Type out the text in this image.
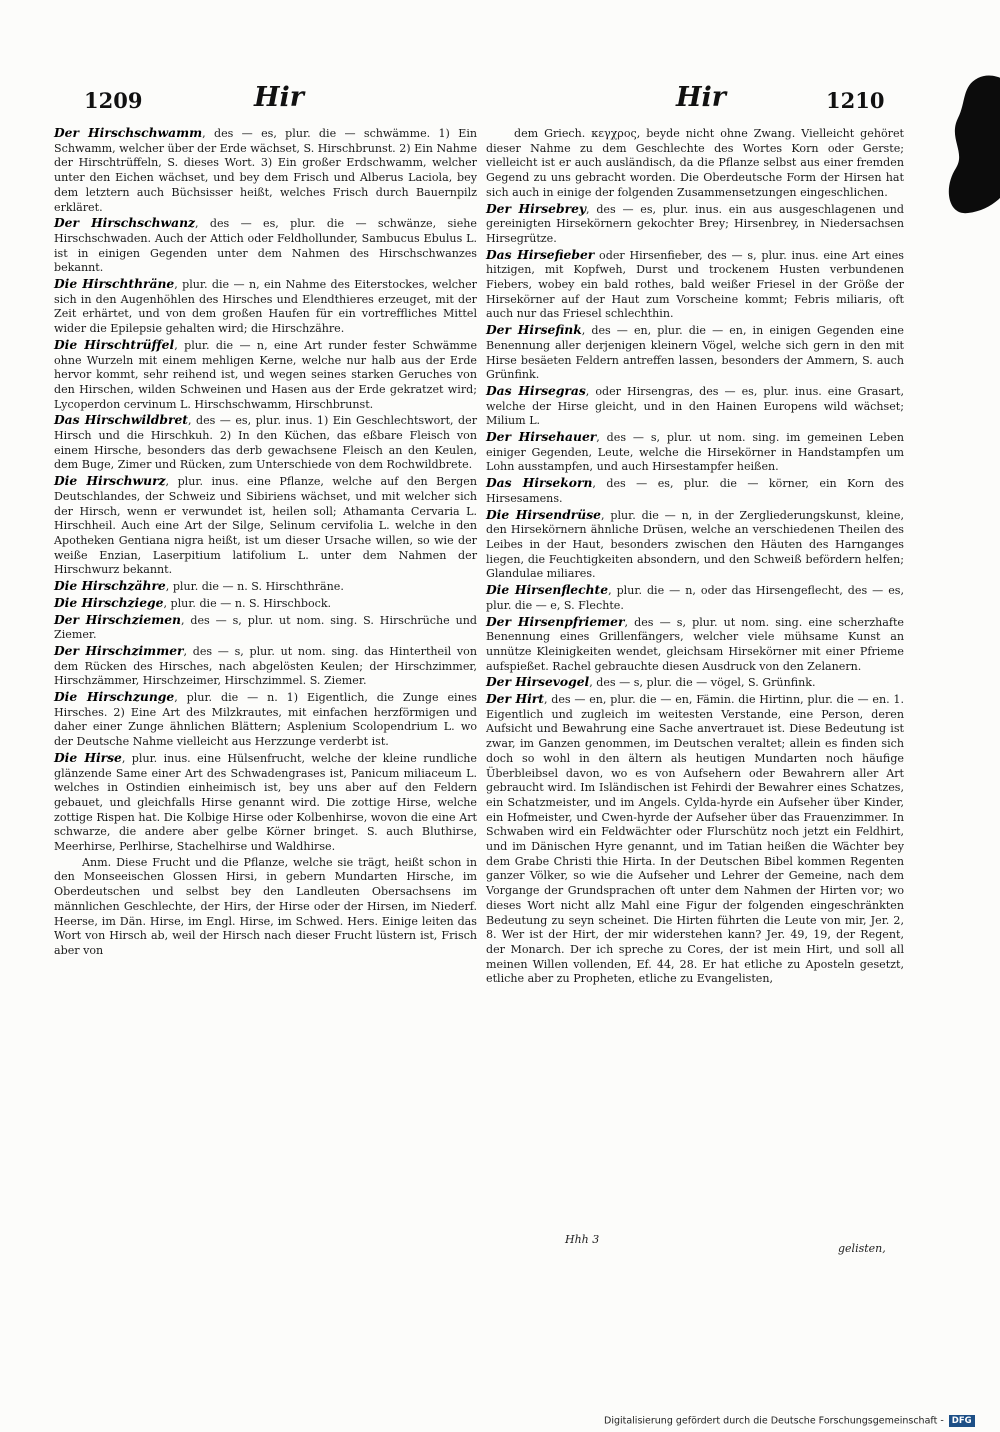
1209	Hir	Hir	1210

Der Hirschschwamm, des — es, plur. die — schwämme. 1) Ein Schwamm, welcher über der Erde wächset, S. Hirschbrunst. 2) Ein Nahme der Hirschtrüffeln, S. dieses Wort. 3) Ein großer Erdschwamm, welcher unter den Eichen wächset, und bey dem Frisch und Alberus Laciola, bey dem letztern auch Büchsisser heißt, welches Frisch durch Bauernpilz erkläret.

Der Hirschschwanz, des — es, plur. die — schwänze, siehe Hirschschwaden. Auch der Attich oder Feldhollunder, Sambucus Ebulus L. ist in einigen Gegenden unter dem Nahmen des Hirschschwanzes bekannt.

Die Hirschthräne, plur. die — n, ein Nahme des Eiterstockes, welcher sich in den Augenhöhlen des Hirsches und Elendthieres erzeuget, mit der Zeit erhärtet, und von dem großen Haufen für ein vortreffliches Mittel wider die Epilepsie gehalten wird; die Hirschzähre.

Die Hirschtrüffel, plur. die — n, eine Art runder fester Schwämme ohne Wurzeln mit einem mehligen Kerne, welche nur halb aus der Erde hervor kommt, sehr reihend ist, und wegen seines starken Geruches von den Hirschen, wilden Schweinen und Hasen aus der Erde gekratzet wird; Lycoperdon cervinum L. Hirschschwamm, Hirschbrunst.

Das Hirschwildbret, des — es, plur. inus. 1) Ein Geschlechtswort, der Hirsch und die Hirschkuh. 2) In den Küchen, das eßbare Fleisch von einem Hirsche, besonders das derb gewachsene Fleisch an den Keulen, dem Buge, Zimer und Rücken, zum Unterschiede von dem Rochwildbrete.

Die Hirschwurz, plur. inus. eine Pflanze, welche auf den Bergen Deutschlandes, der Schweiz und Sibiriens wächset, und mit welcher sich der Hirsch, wenn er verwundet ist, heilen soll; Athamanta Cervaria L. Hirschheil. Auch eine Art der Silge, Selinum cervifolia L. welche in den Apotheken Gentiana nigra heißt, ist um dieser Ursache willen, so wie der weiße Enzian, Laserpitium latifolium L. unter dem Nahmen der Hirschwurz bekannt.

Die Hirschzähre, plur. die — n. S. Hirschthräne.

Die Hirschziege, plur. die — n. S. Hirschbock.

Der Hirschziemen, des — s, plur. ut nom. sing. S. Hirschrüche und Ziemer.

Der Hirschzimmer, des — s, plur. ut nom. sing. das Hintertheil von dem Rücken des Hirsches, nach abgelösten Keulen; der Hirschzimmer, Hirschzämmer, Hirschzeimer, Hirschzimmel. S. Ziemer.

Die Hirschzunge, plur. die — n. 1) Eigentlich, die Zunge eines Hirsches. 2) Eine Art des Milzkrautes, mit einfachen herzförmigen und daher einer Zunge ähnlichen Blättern; Asplenium Scolopendrium L. wo der Deutsche Nahme vielleicht aus Herzzunge verderbt ist.

Die Hirse, plur. inus. eine Hülsenfrucht, welche der kleine rundliche glänzende Same einer Art des Schwadengrases ist, Panicum miliaceum L. welches in Ostindien einheimisch ist, bey uns aber auf den Feldern gebauet, und gleichfalls Hirse genannt wird. Die zottige Hirse, welche zottige Rispen hat. Die Kolbige Hirse oder Kolbenhirse, wovon die eine Art schwarze, die andere aber gelbe Körner bringet. S. auch Bluthirse, Meerhirse, Perlhirse, Stachelhirse und Waldhirse.

Anm. Diese Frucht und die Pflanze, welche sie trägt, heißt schon in den Monseeischen Glossen Hirsi, in gebern Mundarten Hirsche, im Oberdeutschen und selbst bey den Landleuten Obersachsens im männlichen Geschlechte, der Hirs, der Hirse oder der Hirsen, im Niederf. Heerse, im Dän. Hirse, im Engl. Hirse, im Schwed. Hers. Einige leiten das Wort von Hirsch ab, weil der Hirsch nach dieser Frucht lüstern ist, Frisch aber von

dem Griech. κεγχρος, beyde nicht ohne Zwang. Vielleicht gehöret dieser Nahme zu dem Geschlechte des Wortes Korn oder Gerste; vielleicht ist er auch ausländisch, da die Pflanze selbst aus einer fremden Gegend zu uns gebracht worden. Die Oberdeutsche Form der Hirsen hat sich auch in einige der folgenden Zusammensetzungen eingeschlichen.

Der Hirsebrey, des — es, plur. inus. ein aus ausgeschlagenen und gereinigten Hirsekörnern gekochter Brey; Hirsenbrey, in Niedersachsen Hirsegrütze.

Das Hirsefieber oder Hirsenfieber, des — s, plur. inus. eine Art eines hitzigen, mit Kopfweh, Durst und trockenem Husten verbundenen Fiebers, wobey ein bald rothes, bald weißer Friesel in der Größe der Hirsekörner auf der Haut zum Vorscheine kommt; Febris miliaris, oft auch nur das Friesel schlechthin.

Der Hirsefink, des — en, plur. die — en, in einigen Gegenden eine Benennung aller derjenigen kleinern Vögel, welche sich gern in den mit Hirse besäeten Feldern antreffen lassen, besonders der Ammern, S. auch Grünfink.

Das Hirsegras, oder Hirsengras, des — es, plur. inus. eine Grasart, welche der Hirse gleicht, und in den Hainen Europens wild wächset; Milium L.

Der Hirsehauer, des — s, plur. ut nom. sing. im gemeinen Leben einiger Gegenden, Leute, welche die Hirsekörner in Handstampfen um Lohn ausstampfen, und auch Hirsestampfer heißen.

Das Hirsekorn, des — es, plur. die — körner, ein Korn des Hirsesamens.

Die Hirsendrüse, plur. die — n, in der Zergliederungskunst, kleine, den Hirsekörnern ähnliche Drüsen, welche an verschiedenen Theilen des Leibes in der Haut, besonders zwischen den Häuten des Harnganges liegen, die Feuchtigkeiten absondern, und den Schweiß befördern helfen; Glandulae miliares.

Die Hirsenflechte, plur. die — n, oder das Hirsengeflecht, des — es, plur. die — e, S. Flechte.

Der Hirsenpfriemer, des — s, plur. ut nom. sing. eine scherzhafte Benennung eines Grillenfängers, welcher viele mühsame Kunst an unnütze Kleinigkeiten wendet, gleichsam Hirsekörner mit einer Pfrieme aufspießet. Rachel gebrauchte diesen Ausdruck von den Zelanern.

Der Hirsevogel, des — s, plur. die — vögel, S. Grünfink.

Der Hirt, des — en, plur. die — en, Fämin. die Hirtinn, plur. die — en. 1. Eigentlich und zugleich im weitesten Verstande, eine Person, deren Aufsicht und Bewahrung eine Sache anvertrauet ist. Diese Bedeutung ist zwar, im Ganzen genommen, im Deutschen veraltet; allein es finden sich doch so wohl in den ältern als heutigen Mundarten noch häufige Überbleibsel davon, wo es von Aufsehern oder Bewahrern aller Art gebraucht wird. Im Isländischen ist Fehirdi der Bewahrer eines Schatzes, ein Schatzmeister, und im Angels. Cylda-hyrde ein Aufseher über Kinder, ein Hofmeister, und Cwen-hyrde der Aufseher über das Frauenzimmer. In Schwaben wird ein Feldwächter oder Flurschütz noch jetzt ein Feldhirt, und im Dänischen Hyre genannt, und im Tatian heißen die Wächter bey dem Grabe Christi thie Hirta. In der Deutschen Bibel kommen Regenten ganzer Völker, so wie die Aufseher und Lehrer der Gemeine, nach dem Vorgange der Grundsprachen oft unter dem Nahmen der Hirten vor; wo dieses Wort nicht allz Mahl eine Figur der folgenden eingeschränkten Bedeutung zu seyn scheinet. Die Hirten führten die Leute von mir, Jer. 2, 8. Wer ist der Hirt, der mir widerstehen kann? Jer. 49, 19, der Regent, der Monarch. Der ich spreche zu Cores, der ist mein Hirt, und soll all meinen Willen vollenden, Ef. 44, 28. Er hat etliche zu Aposteln gesetzt, etliche aber zu Propheten, etliche zu Evangelisten,

Hhh 3
gelisten,
Digitalisierung gefördert durch die Deutsche Forschungsgemeinschaft - DFG
